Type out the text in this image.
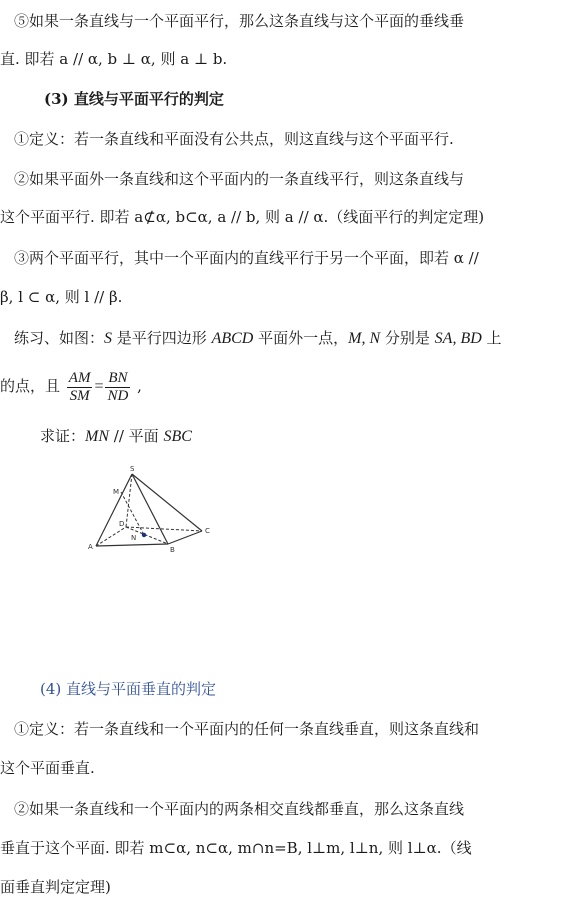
⑤如果一条直线与一个平面平行，那么这条直线与这个平面的垂线垂
直. 即若 a // α, b ⊥ α, 则 a ⊥ b.
(3) 直线与平面平行的判定
①定义：若一条直线和平面没有公共点，则这直线与这个平面平行.
②如果平面外一条直线和这个平面内的一条直线平行，则这条直线与
这个平面平行. 即若 a⊄α, b⊂α, a // b, 则 a // α.（线面平行的判定定理)
③两个平面平行，其中一个平面内的直线平行于另一个平面，即若 α //
β, l ⊂ α, 则 l // β.
练习、如图：S 是平行四边形 ABCD 平面外一点，M, N 分别是 SA, BD 上
的点，且 $\frac{AM}{SM} = \frac{BN}{ND}$ ,
求证：MN // 平面 SBC
S
M
D
N
A	B
C
(4) 直线与平面垂直的判定
①定义：若一条直线和一个平面内的任何一条直线垂直，则这条直线和
这个平面垂直.
②如果一条直线和一个平面内的两条相交直线都垂直，那么这条直线
垂直于这个平面. 即若 m⊂α, n⊂α, m∩n=B, l⊥m, l⊥n, 则 l⊥α.（线
面垂直判定定理)
